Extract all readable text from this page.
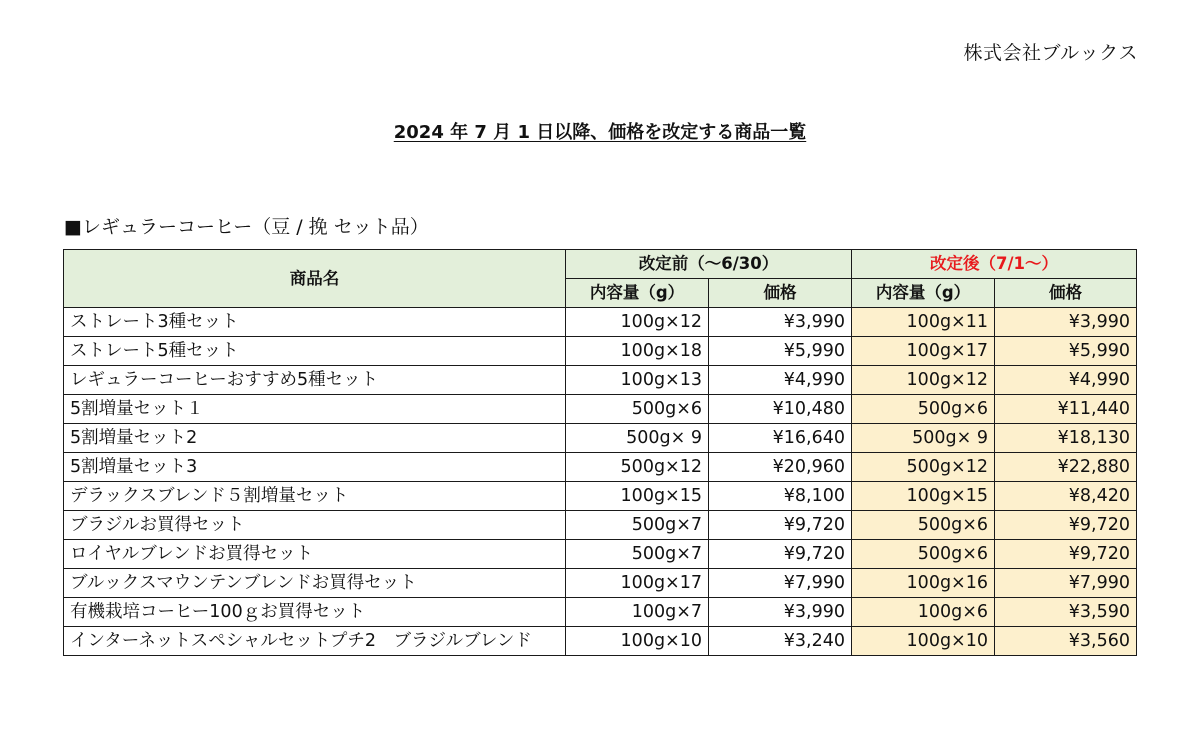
株式会社ブルックス
2024 年 7 月 1 日以降、価格を改定する商品一覧
■レギュラーコーヒー（豆 / 挽 セット品）
商品名	改定前（～6/30）		改定後（7/1～）	
	内容量（g）	価格	内容量（g）	価格
ストレート3種セット	100g×12	¥3,990	100g×11	¥3,990
ストレート5種セット	100g×18	¥5,990	100g×17	¥5,990
レギュラーコーヒーおすすめ5種セット	100g×13	¥4,990	100g×12	¥4,990
5割増量セット１	500g×6	¥10,480	500g×6	¥11,440
5割増量セット2	500g× 9	¥16,640	500g× 9	¥18,130
5割増量セット3	500g×12	¥20,960	500g×12	¥22,880
デラックスブレンド５割増量セット	100g×15	¥8,100	100g×15	¥8,420
ブラジルお買得セット	500g×7	¥9,720	500g×6	¥9,720
ロイヤルブレンドお買得セット	500g×7	¥9,720	500g×6	¥9,720
ブルックスマウンテンブレンドお買得セット	100g×17	¥7,990	100g×16	¥7,990
有機栽培コーヒー100ｇお買得セット	100g×7	¥3,990	100g×6	¥3,590
インターネットスペシャルセットプチ2　ブラジルブレンド	100g×10	¥3,240	100g×10	¥3,560
